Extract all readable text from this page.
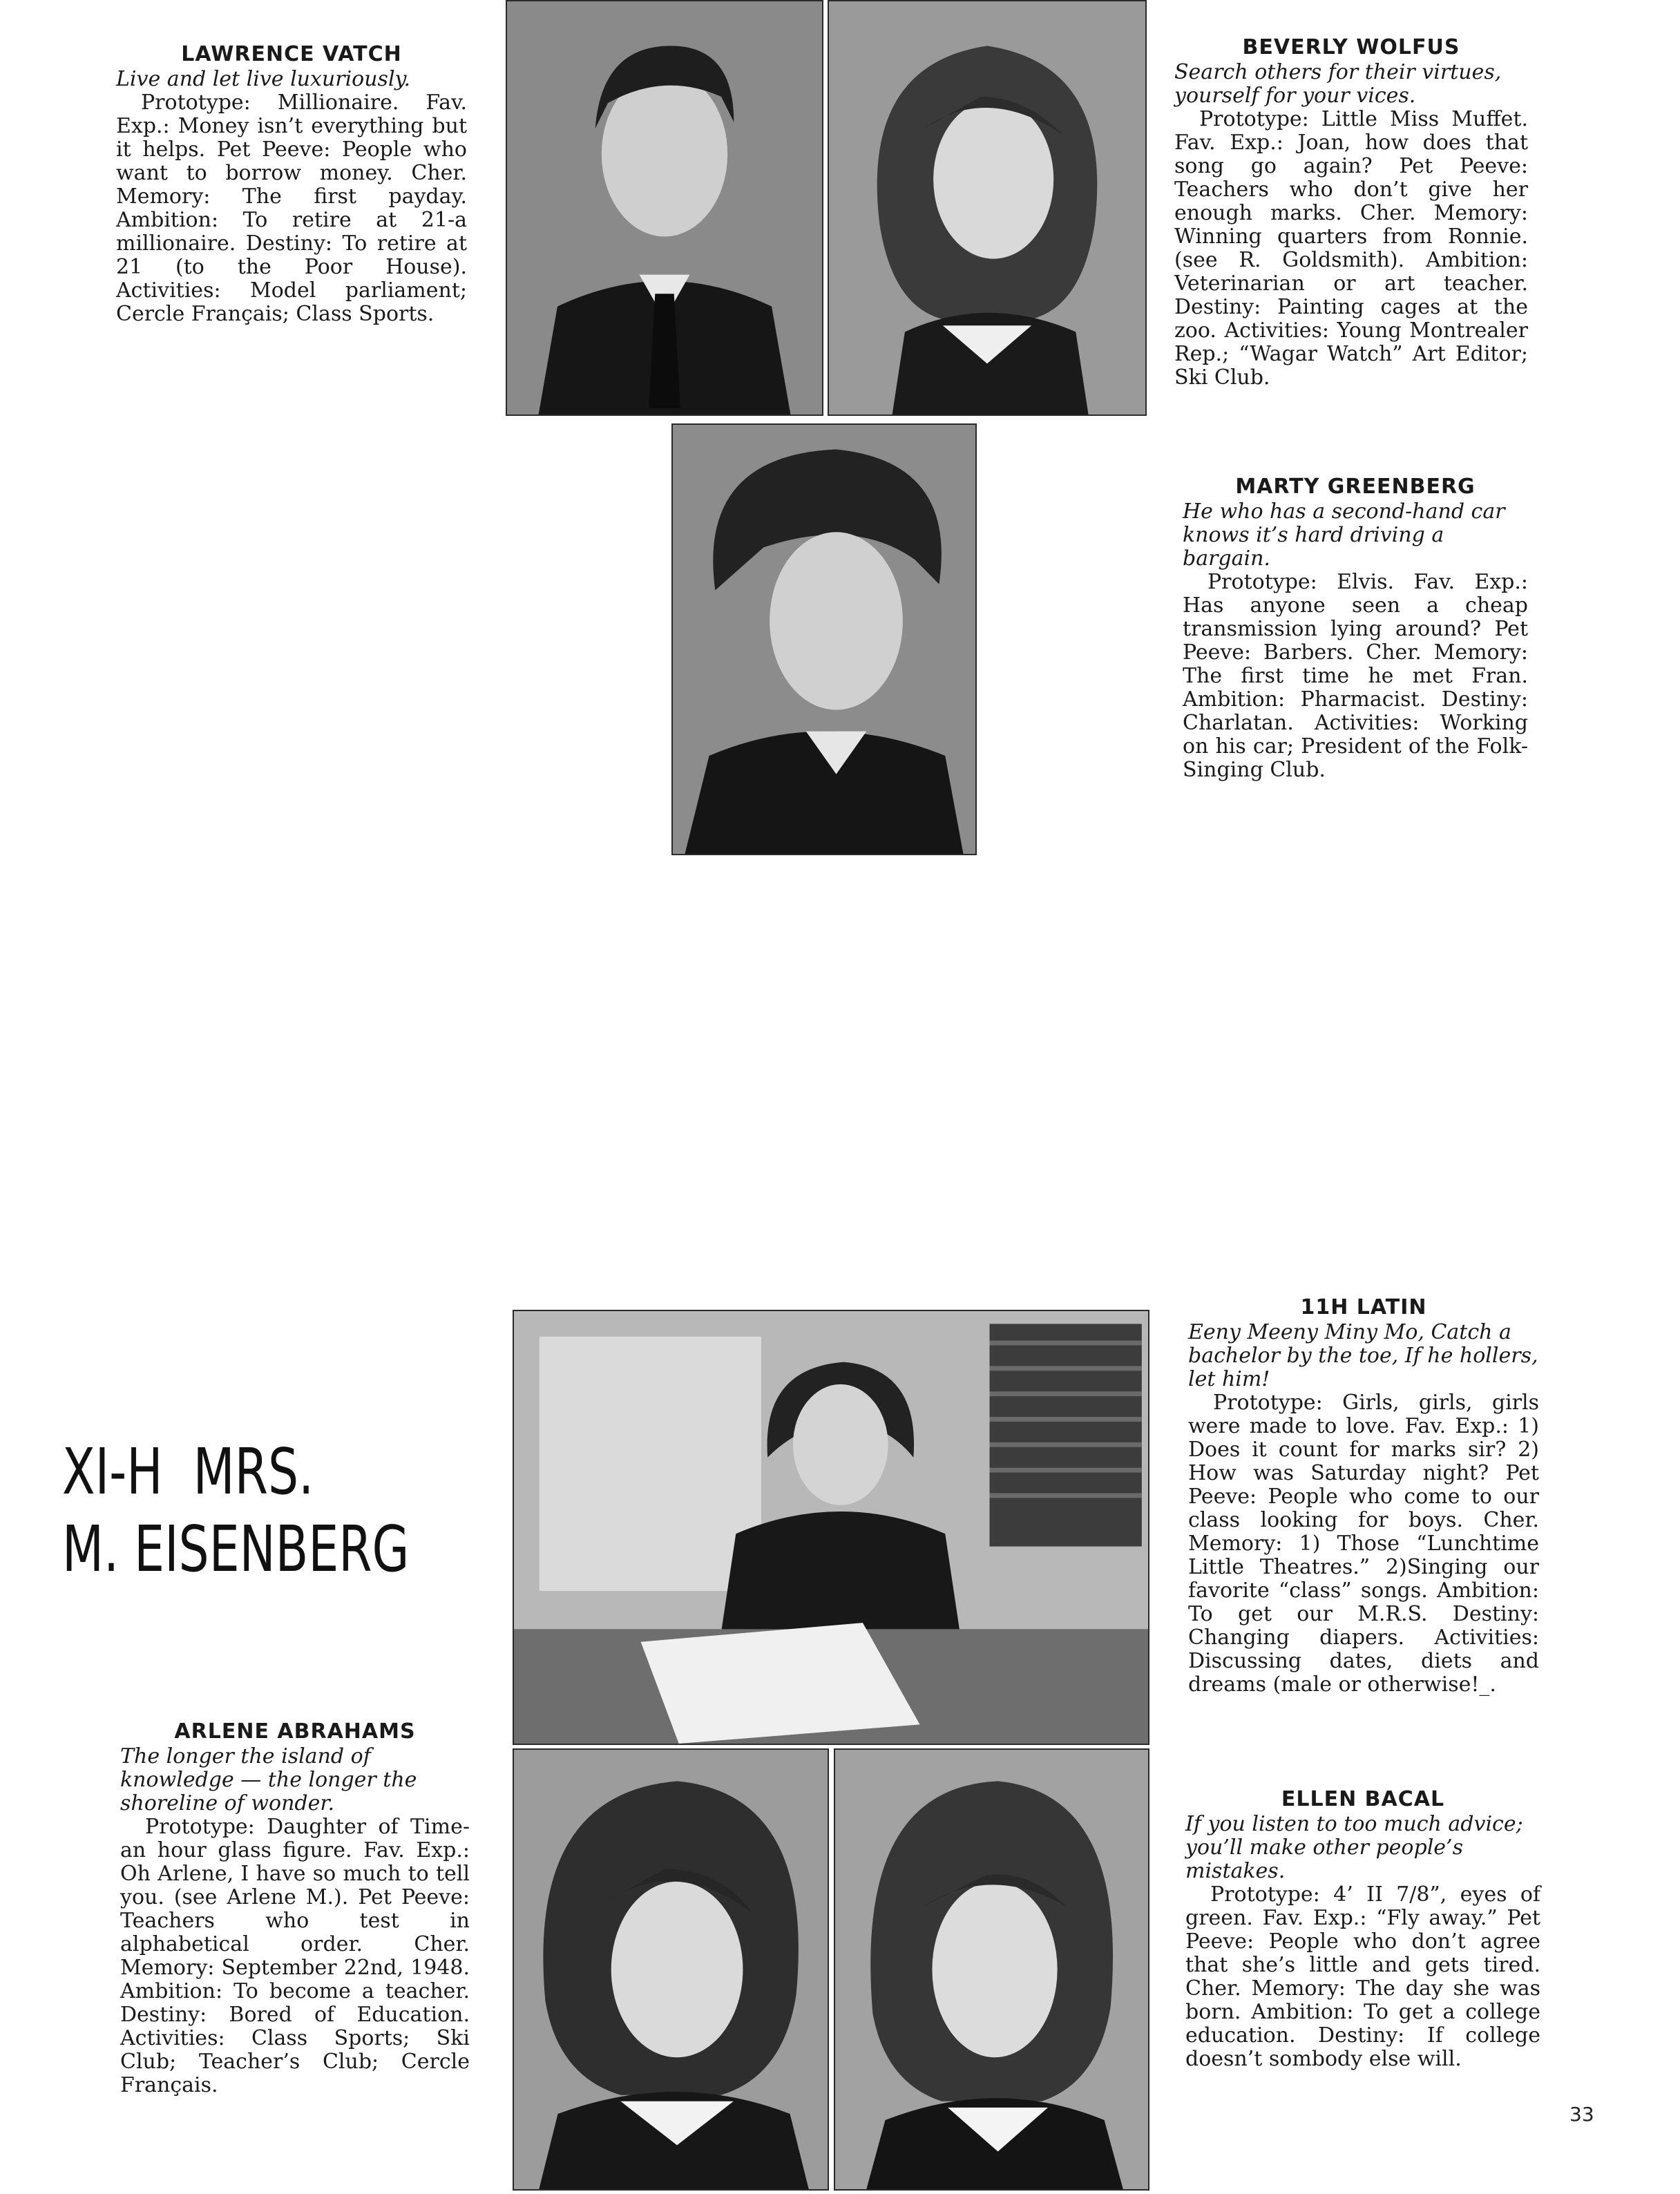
LAWRENCE VATCH
Live and let live luxuriously.
Prototype: Millionaire. Fav. Exp.: Money isn’t everything but it helps. Pet Peeve: People who want to borrow money. Cher. Memory: The first payday. Ambition: To retire at 21-a millionaire. Destiny: To retire at 21 (to the Poor House). Activities: Model parliament; Cercle Français; Class Sports.
BEVERLY WOLFUS
Search others for their virtues, yourself for your vices.
Prototype: Little Miss Muffet. Fav. Exp.: Joan, how does that song go again? Pet Peeve: Teachers who don’t give her enough marks. Cher. Memory: Winning quarters from Ronnie. (see R. Goldsmith). Ambition: Veterinarian or art teacher. Destiny: Painting cages at the zoo. Activities: Young Montrealer Rep.; “Wagar Watch” Art Editor; Ski Club.
MARTY GREENBERG
He who has a second-hand car knows it’s hard driving a bargain.
Prototype: Elvis. Fav. Exp.: Has anyone seen a cheap transmission lying around? Pet Peeve: Barbers. Cher. Memory: The first time he met Fran. Ambition: Pharmacist. Destiny: Charlatan. Activities: Working on his car; President of the Folk-Singing Club.
11H LATIN
Eeny Meeny Miny Mo, Catch a bachelor by the toe, If he hollers, let him!
Prototype: Girls, girls, girls were made to love. Fav. Exp.: 1) Does it count for marks sir? 2) How was Saturday night? Pet Peeve: People who come to our class looking for boys. Cher. Memory: 1) Those “Lunchtime Little Theatres.” 2)Singing our favorite “class” songs. Ambition: To get our M.R.S. Destiny: Changing diapers. Activities: Discussing dates, diets and dreams (male or otherwise!_.
ARLENE ABRAHAMS
The longer the island of knowledge — the longer the shoreline of wonder.
Prototype: Daughter of Time-an hour glass figure. Fav. Exp.: Oh Arlene, I have so much to tell you. (see Arlene M.). Pet Peeve: Teachers who test in alphabetical order. Cher. Memory: September 22nd, 1948. Ambition: To become a teacher. Destiny: Bored of Education. Activities: Class Sports; Ski Club; Teacher’s Club; Cercle Français.
ELLEN BACAL
If you listen to too much advice; you’ll make other people’s mistakes.
Prototype: 4’ II 7/8”, eyes of green. Fav. Exp.: “Fly away.” Pet Peeve: People who don’t agree that she’s little and gets tired. Cher. Memory: The day she was born. Ambition: To get a college education. Destiny: If college doesn’t sombody else will.
XI-H  MRS.
M. EISENBERG
33
